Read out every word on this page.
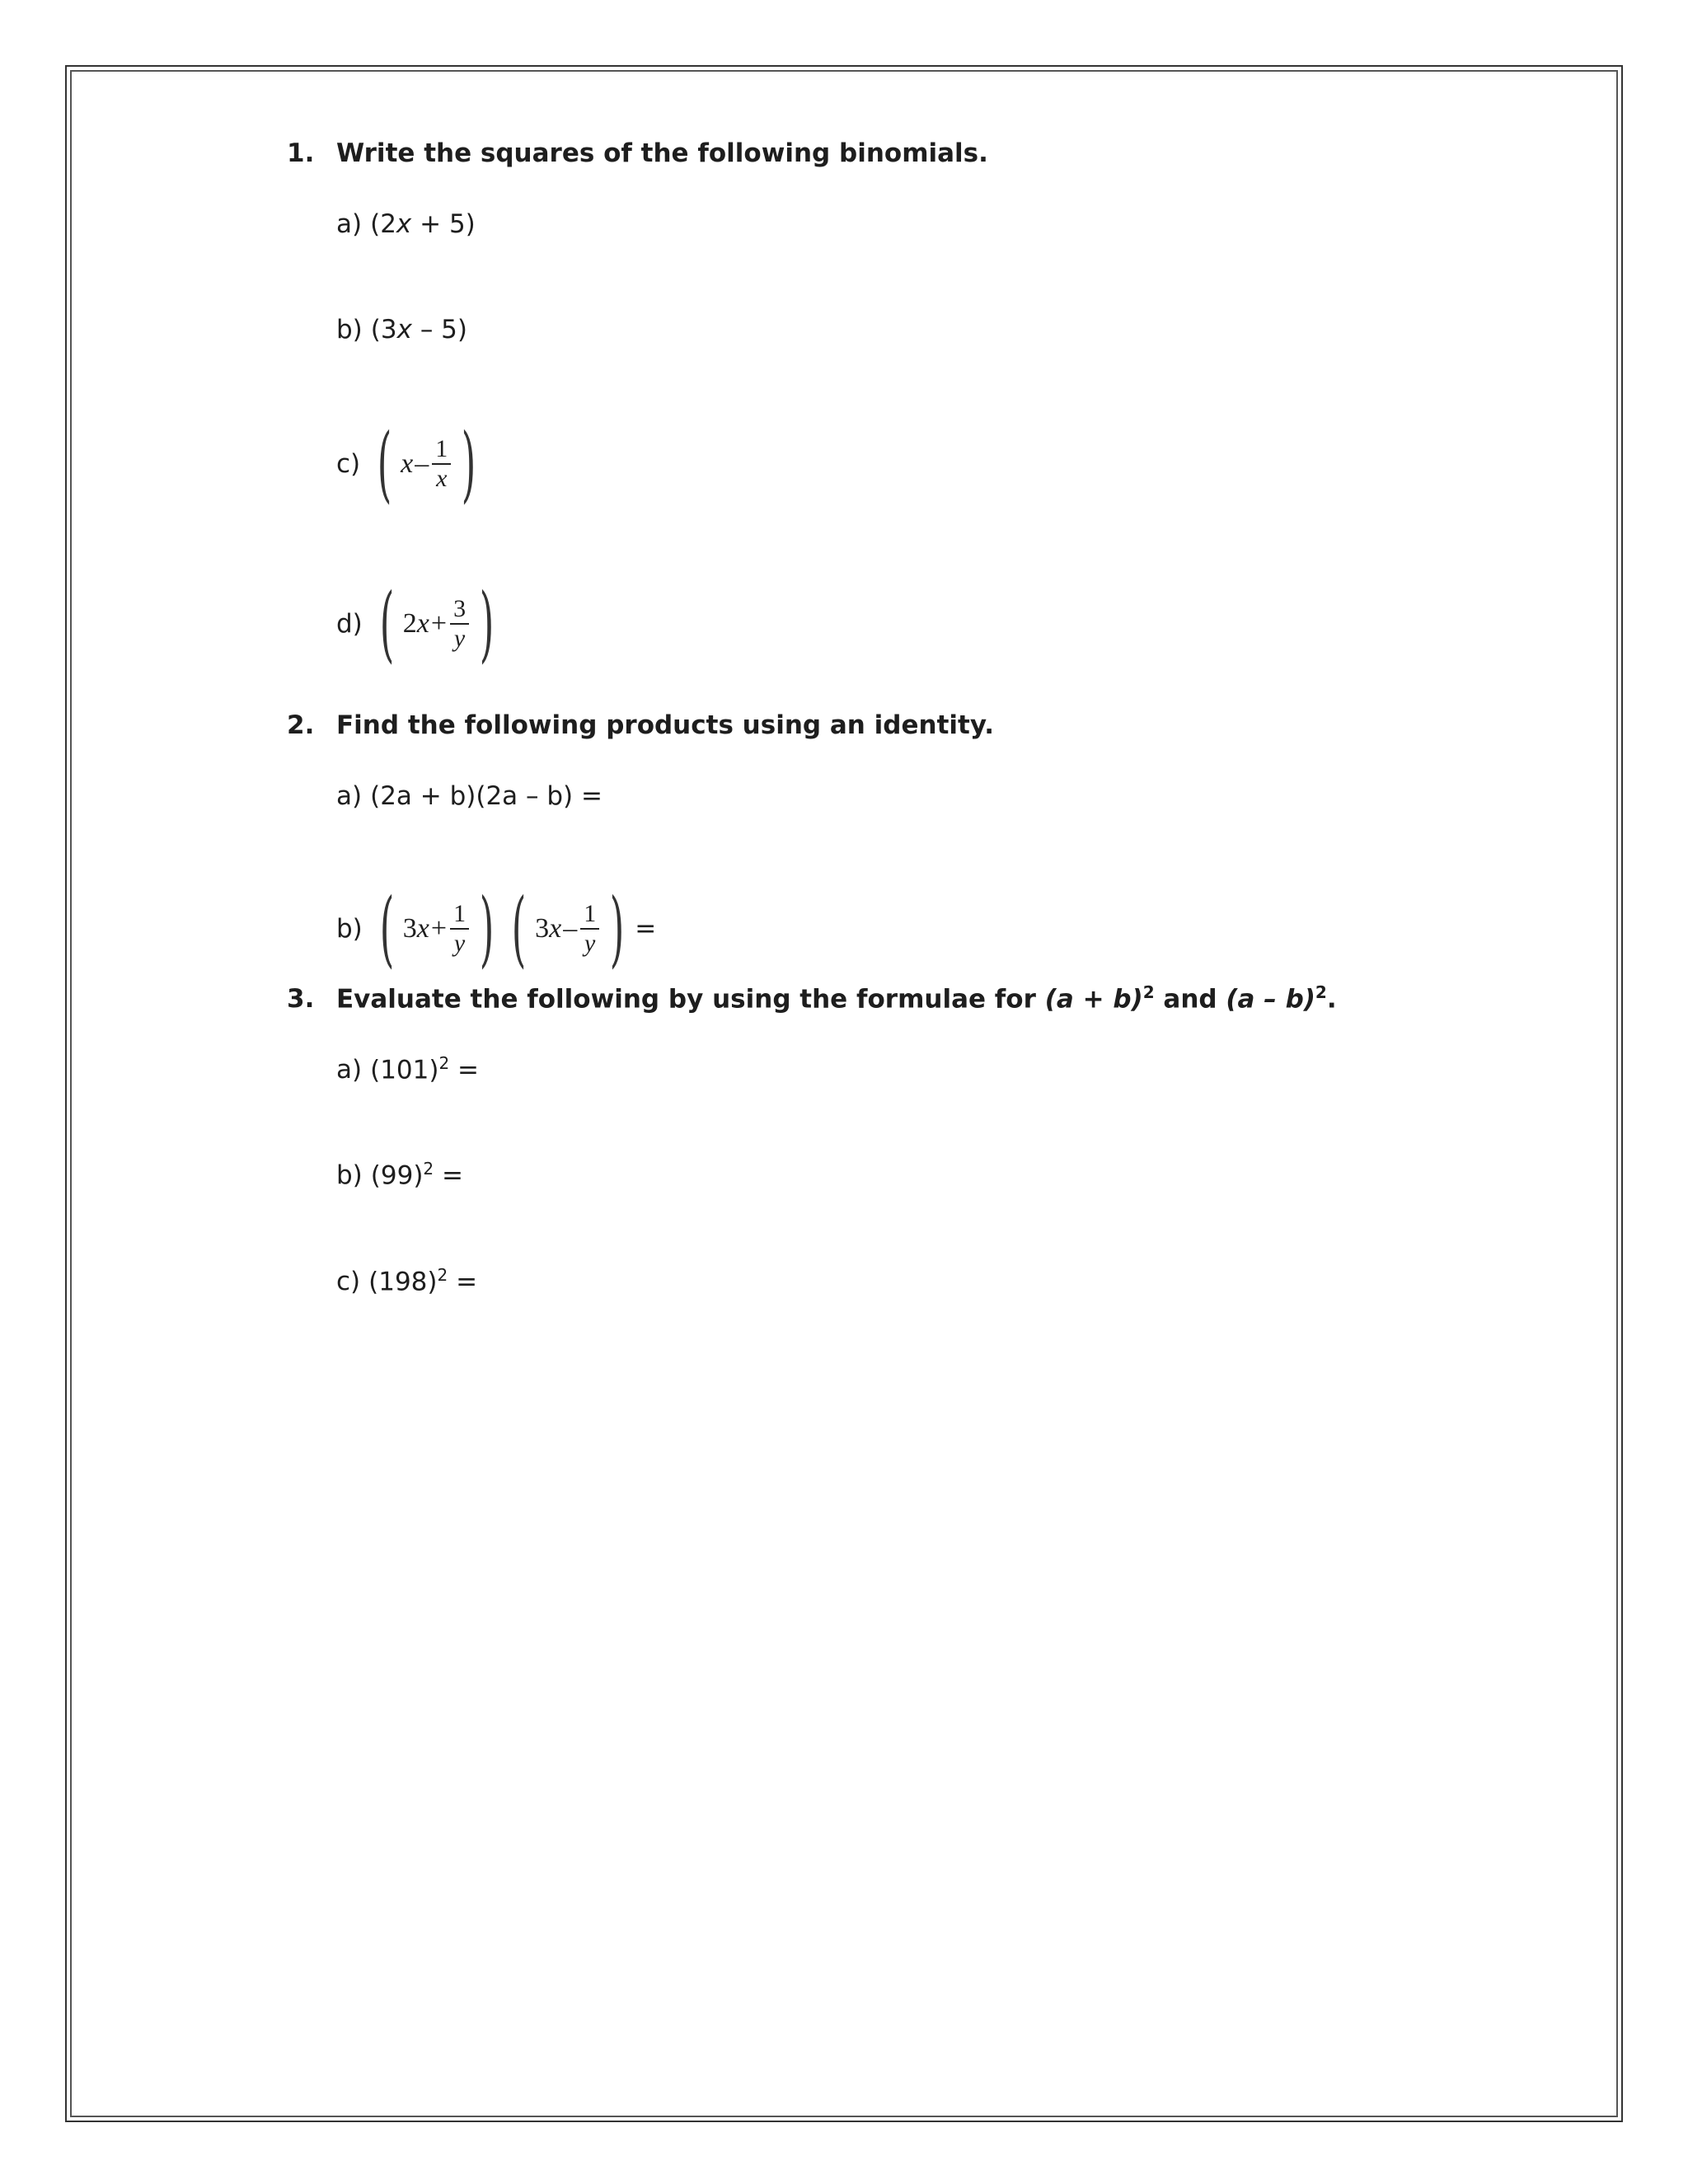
1. Write the squares of the following binomials.
a) (2x + 5)
b) (3x – 5)
c) ( x – $\frac{1}{x}$ )
d) ( 2 $x + \frac{3}{y}$ )
2. Find the following products using an identity.
a) (2a + b)(2a – b) =
b) ( 3 $x + \frac{1}{y}$ ) ( 3 x – $\frac{1}{y}$ ) =
3. Evaluate the following by using the formulae for $(a + b)^2$ and (a – b)$^2$.
a) $(101)^2$ =
b) $(99)^2$ =
c) $(198)^2$ =
